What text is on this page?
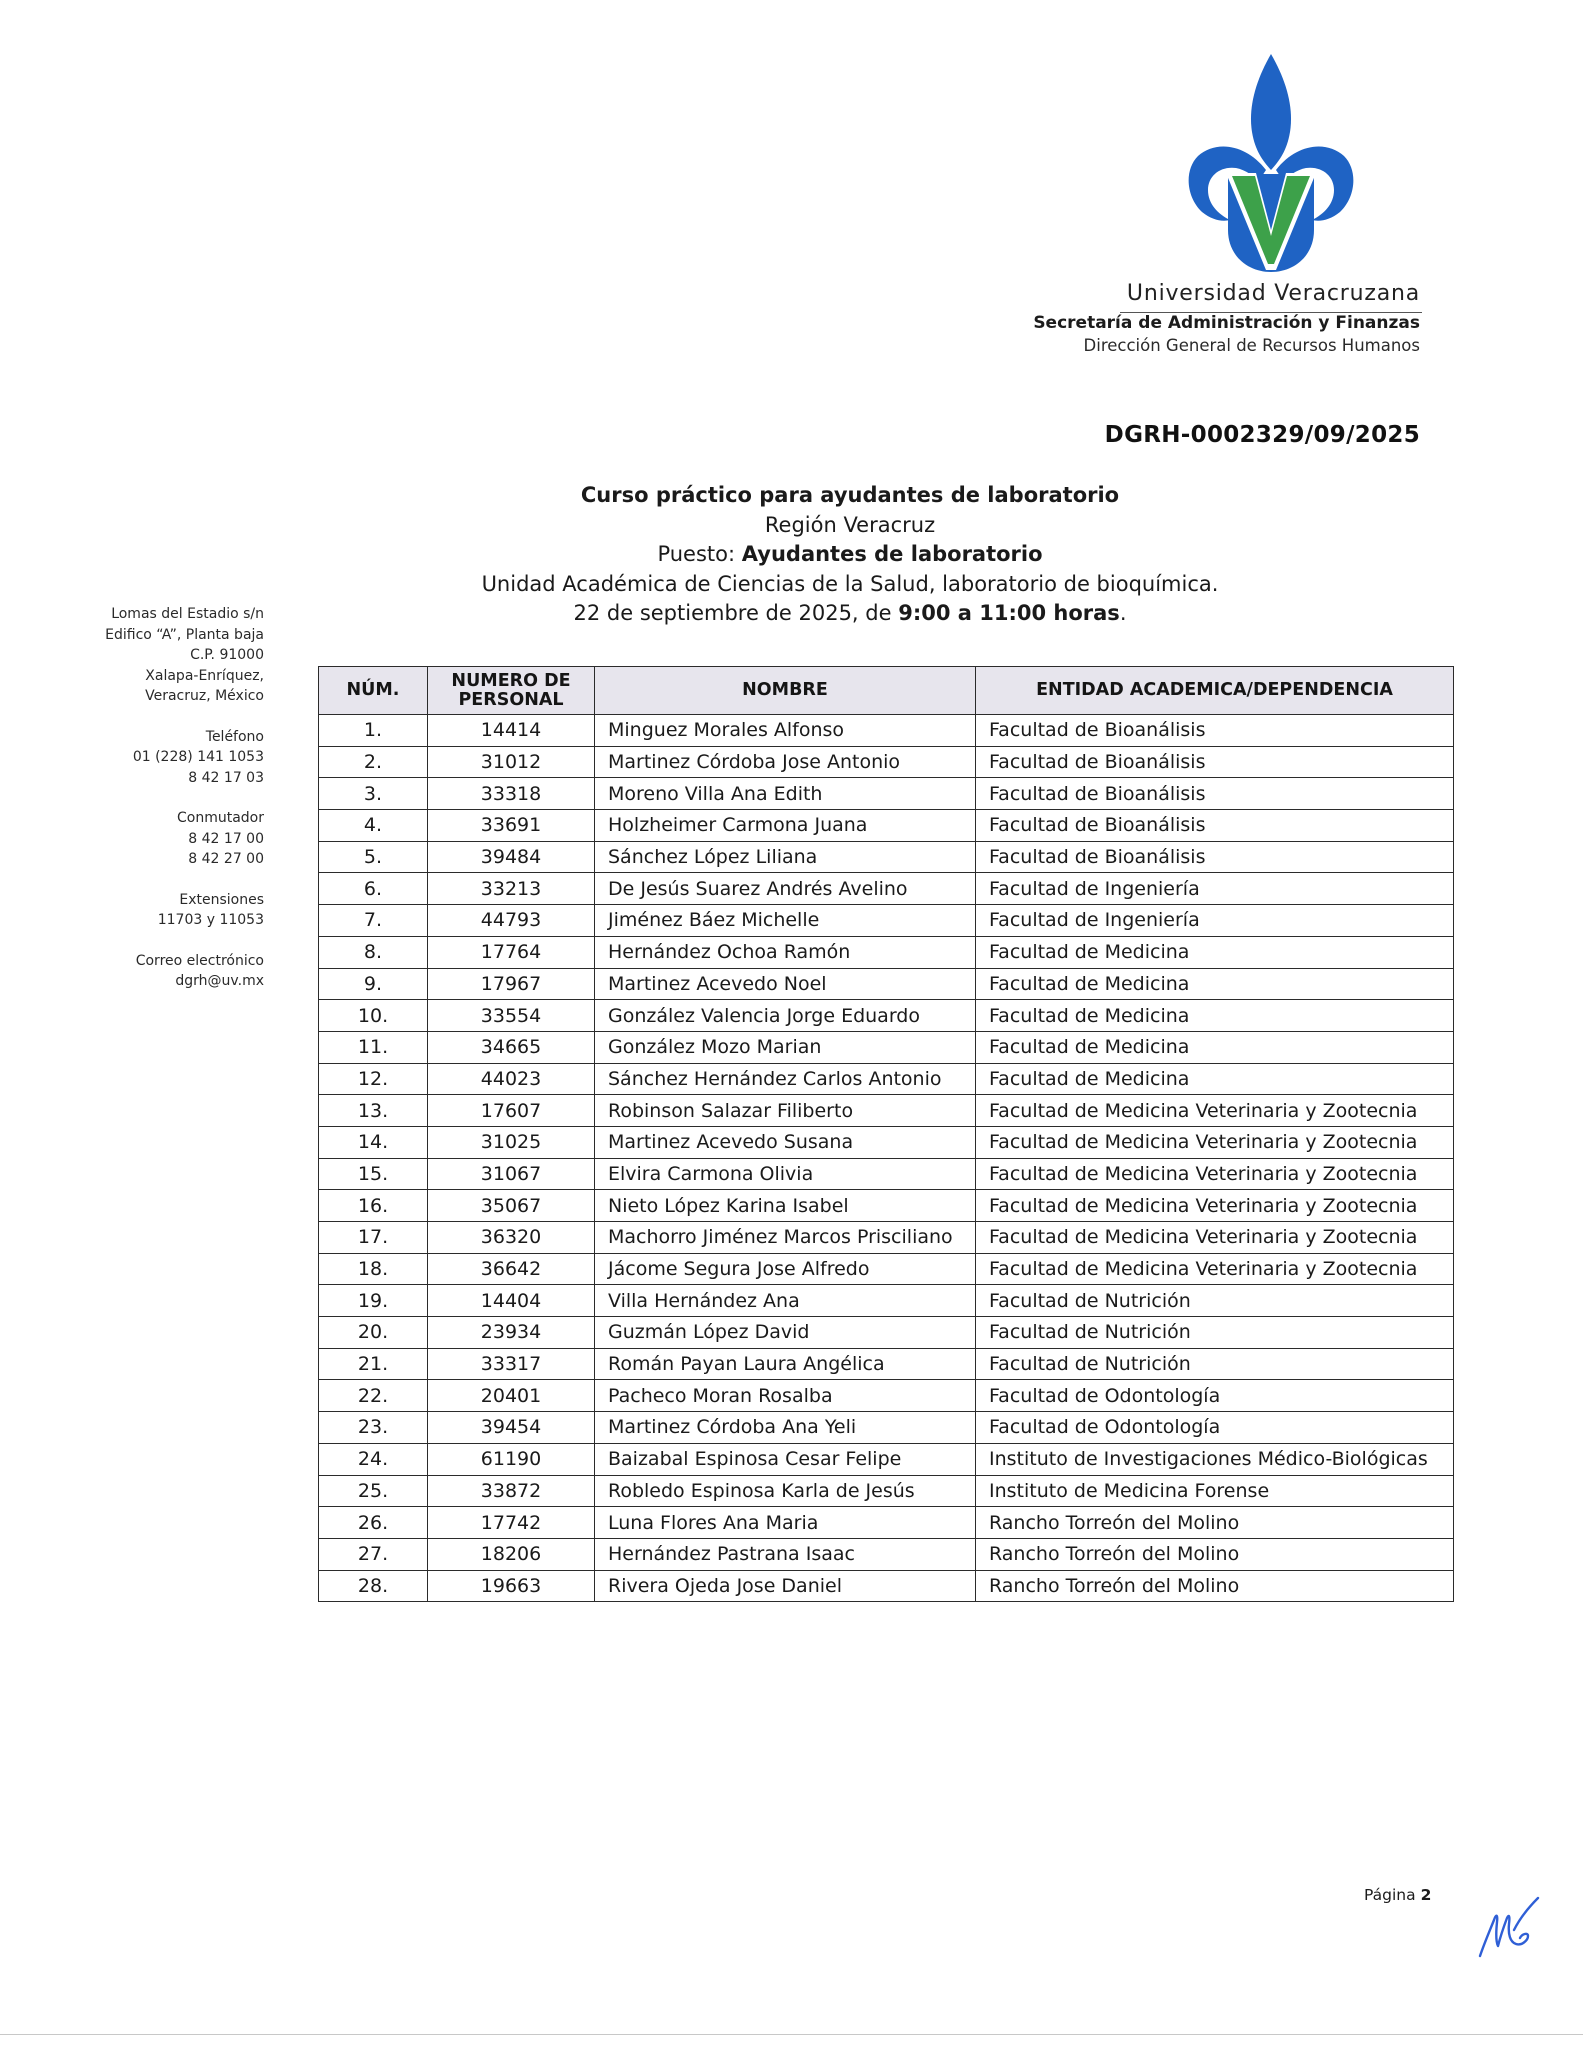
Universidad Veracruzana
Secretaría de Administración y Finanzas
Dirección General de Recursos Humanos
DGRH-0002329/09/2025
Lomas del Estadio s/n
Edifico “A”, Planta baja
C.P. 91000
Xalapa-Enríquez,
Veracruz, México
Teléfono
01 (228) 141 1053
8 42 17 03
Conmutador
8 42 17 00
8 42 27 00
Extensiones
11703 y 11053
Correo electrónico
dgrh@uv.mx
Curso práctico para ayudantes de laboratorio
Región Veracruz
Puesto: Ayudantes de laboratorio
Unidad Académica de Ciencias de la Salud, laboratorio de bioquímica.
22 de septiembre de 2025, de 9:00 a 11:00 horas.
NÚM.	NUMERO DE PERSONAL	NOMBRE	ENTIDAD ACADEMICA/DEPENDENCIA
1.	14414	Minguez Morales Alfonso	Facultad de Bioanálisis
2.	31012	Martinez Córdoba Jose Antonio	Facultad de Bioanálisis
3.	33318	Moreno Villa Ana Edith	Facultad de Bioanálisis
4.	33691	Holzheimer Carmona Juana	Facultad de Bioanálisis
5.	39484	Sánchez López Liliana	Facultad de Bioanálisis
6.	33213	De Jesús Suarez Andrés Avelino	Facultad de Ingeniería
7.	44793	Jiménez Báez Michelle	Facultad de Ingeniería
8.	17764	Hernández Ochoa Ramón	Facultad de Medicina
9.	17967	Martinez Acevedo Noel	Facultad de Medicina
10.	33554	González Valencia Jorge Eduardo	Facultad de Medicina
11.	34665	González Mozo Marian	Facultad de Medicina
12.	44023	Sánchez Hernández Carlos Antonio	Facultad de Medicina
13.	17607	Robinson Salazar Filiberto	Facultad de Medicina Veterinaria y Zootecnia
14.	31025	Martinez Acevedo Susana	Facultad de Medicina Veterinaria y Zootecnia
15.	31067	Elvira Carmona Olivia	Facultad de Medicina Veterinaria y Zootecnia
16.	35067	Nieto López Karina Isabel	Facultad de Medicina Veterinaria y Zootecnia
17.	36320	Machorro Jiménez Marcos Prisciliano	Facultad de Medicina Veterinaria y Zootecnia
18.	36642	Jácome Segura Jose Alfredo	Facultad de Medicina Veterinaria y Zootecnia
19.	14404	Villa Hernández Ana	Facultad de Nutrición
20.	23934	Guzmán López David	Facultad de Nutrición
21.	33317	Román Payan Laura Angélica	Facultad de Nutrición
22.	20401	Pacheco Moran Rosalba	Facultad de Odontología
23.	39454	Martinez Córdoba Ana Yeli	Facultad de Odontología
24.	61190	Baizabal Espinosa Cesar Felipe	Instituto de Investigaciones Médico-Biológicas
25.	33872	Robledo Espinosa Karla de Jesús	Instituto de Medicina Forense
26.	17742	Luna Flores Ana Maria	Rancho Torreón del Molino
27.	18206	Hernández Pastrana Isaac	Rancho Torreón del Molino
28.	19663	Rivera Ojeda Jose Daniel	Rancho Torreón del Molino
Página 2
